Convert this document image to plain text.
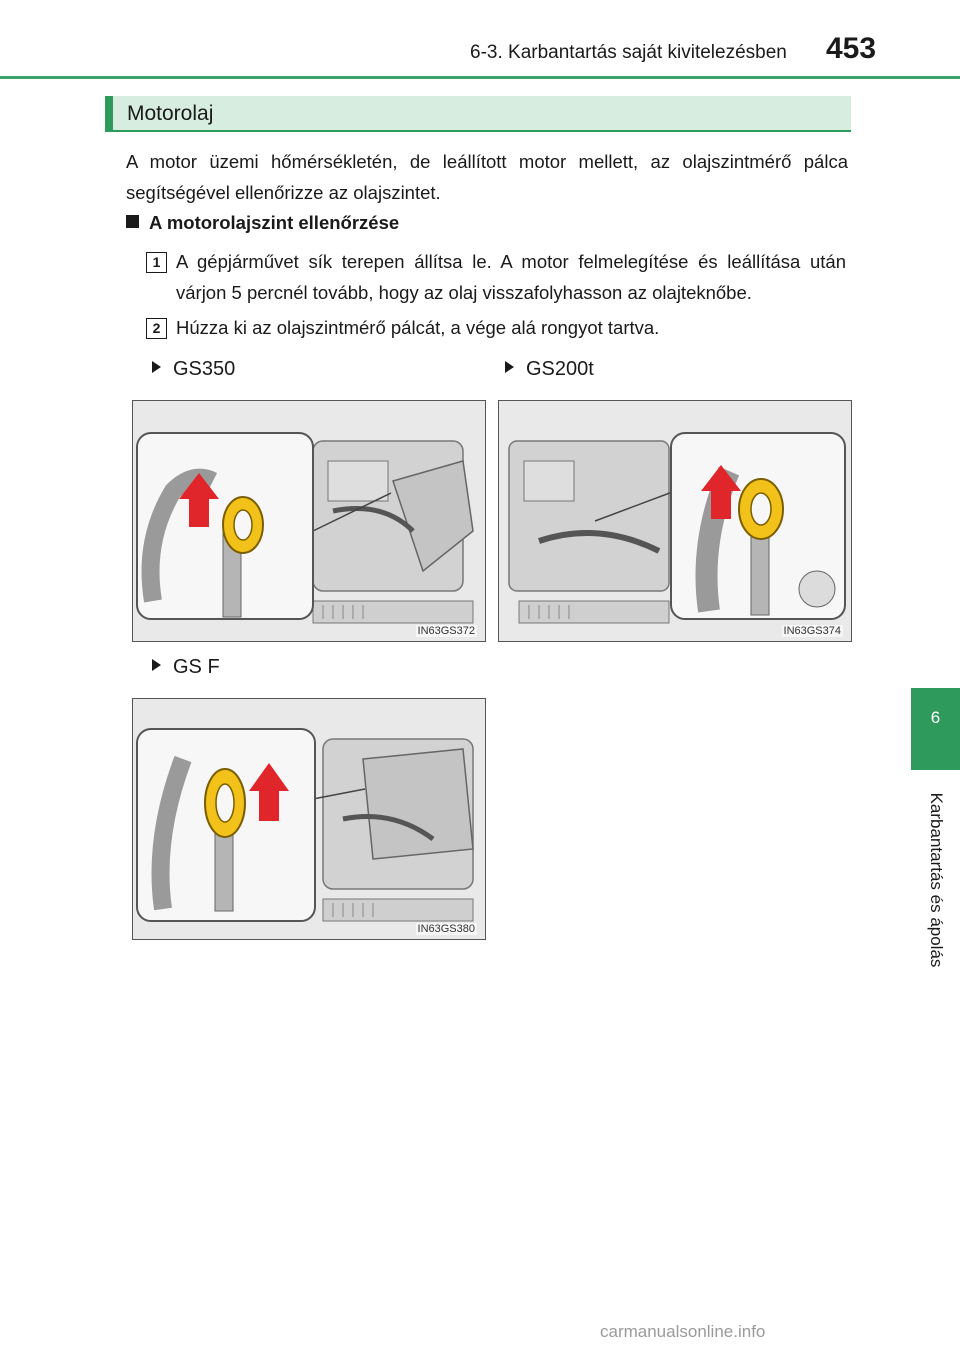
6-3. Karbantartás saját kivitelezésben 453
6
Karbantartás és ápolás
Motorolaj
A motor üzemi hőmérsékletén, de leállított motor mellett, az olajszintmérő pálca segítségével ellenőrizze az olajszintet.
A motorolajszint ellenőrzése
1 A gépjárművet sík terepen állítsa le. A motor felmelegítése és leállítása után várjon 5 percnél tovább, hogy az olaj visszafolyhasson az olajteknőbe.
2 Húzza ki az olajszintmérő pálcát, a vége alá rongyot tartva.
GS350	GS200t
GS F
IN63GS372	IN63GS374
IN63GS380
carmanualsonline.info
